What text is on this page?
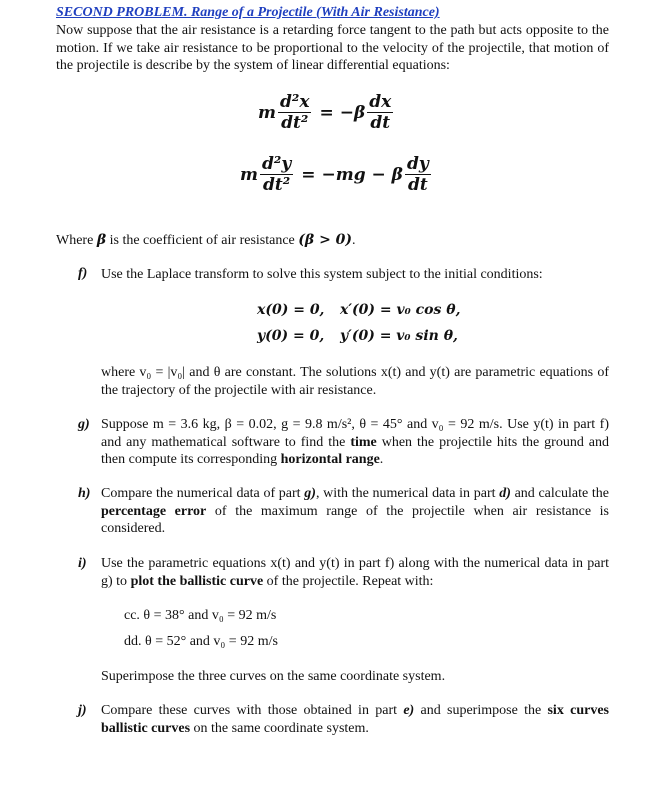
SECOND PROBLEM. Range of a Projectile (With Air Resistance)
Now suppose that the air resistance is a retarding force tangent to the path but acts opposite to the motion. If we take air resistance to be proportional to the velocity of the projectile, that motion of the projectile is describe by the system of linear differential equations:
m $\frac{\text{d²x}}{\text{dt²}} = -\beta \frac{dx}{dt}$
m $\frac{\text{d²y}}{\text{dt²}} = -mg - \beta \frac{dy}{dt}$
Where β is the coefficient of air resistance (β > 0).
f) Use the Laplace transform to solve this system subject to the initial conditions:
x(0) = 0, x′(0) = v₀ cos θ,
y(0) = 0, y′(0) = v₀ sin θ,
where v₀ = |v₀| and θ are constant. The solutions x(t) and y(t) are parametric equations of the trajectory of the projectile with air resistance.
g) Suppose m = 3.6 kg, β = 0.02, g = 9.8 m/s², θ = 45° and v₀ = 92 m/s. Use y(t) in part f) and any mathematical software to find the time when the projectile hits the ground and then compute its corresponding horizontal range.
h) Compare the numerical data of part g), with the numerical data in part d) and calculate the percentage error of the maximum range of the projectile when air resistance is considered.
i) Use the parametric equations x(t) and y(t) in part f) along with the numerical data in part g) to plot the ballistic curve of the projectile. Repeat with:
cc. θ = 38° and v₀ = 92 m/s
dd. θ = 52° and v₀ = 92 m/s
Superimpose the three curves on the same coordinate system.
j) Compare these curves with those obtained in part e) and superimpose the six curves ballistic curves on the same coordinate system.
